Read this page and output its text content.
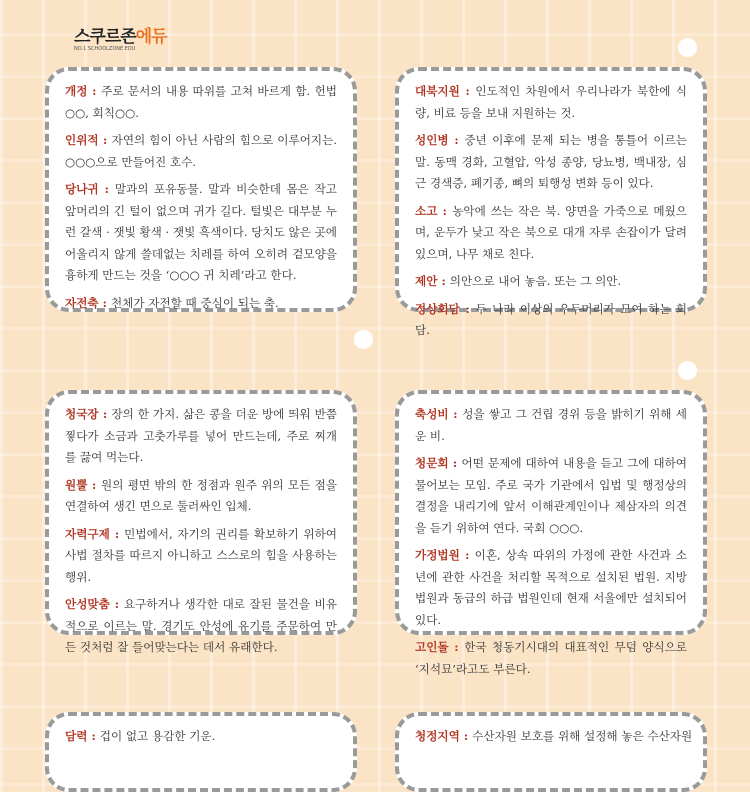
스쿠르존에듀
NO.1 SCHOOLZONE EDU

개정 : 주로 문서의 내용 따위를 고쳐 바르게 함. 헌법○○, 회칙○○.

인위적 : 자연의 힘이 아닌 사람의 힘으로 이루어지는. ○○○으로 만들어진 호수.

당나귀 : 말과의 포유동물. 말과 비슷한데 몸은 작고 앞머리의 긴 털이 없으며 귀가 길다. 털빛은 대부분 누런 갈색 · 잿빛 황색 · 잿빛 흑색이다. 당치도 않은 곳에 어울리지 않게 쓸데없는 치레를 하여 오히려 겉모양을 흉하게 만드는 것을 ‘○○○ 귀 치레’라고 한다.

자전축 : 천체가 자전할 때 중심이 되는 축.

대북지원 : 인도적인 차원에서 우리나라가 북한에 식량, 비료 등을 보내 지원하는 것.

성인병 : 중년 이후에 문제 되는 병을 통틀어 이르는 말. 동맥 경화, 고혈압, 악성 종양, 당뇨병, 백내장, 심근 경색증, 폐기종, 뼈의 퇴행성 변화 등이 있다.

소고 : 농악에 쓰는 작은 북. 양면을 가죽으로 메웠으며, 운두가 낮고 작은 북으로 대개 자루 손잡이가 달려 있으며, 나무 채로 친다.

제안 : 의안으로 내어 놓음. 또는 그 의안.

정상회담 : 두 나라 이상의 우두머리가 모여 하는 회담.

청국장 : 장의 한 가지. 삶은 콩을 더운 방에 띄워 반쯤 찧다가 소금과 고춧가루를 넣어 만드는데, 주로 찌개를 끓여 먹는다.

원뿔 : 원의 평면 밖의 한 정점과 원주 위의 모든 점을 연결하여 생긴 면으로 둘러싸인 입체.

자력구제 : 민법에서, 자기의 권리를 확보하기 위하여 사법 절차를 따르지 아니하고 스스로의 힘을 사용하는 행위.

안성맞춤 : 요구하거나 생각한 대로 잘된 물건을 비유적으로 이르는 말. 경기도 안성에 유기를 주문하여 만든 것처럼 잘 들어맞는다는 데서 유래한다.

축성비 : 성을 쌓고 그 건립 경위 등을 밝히기 위해 세운 비.

청문회 : 어떤 문제에 대하여 내용을 듣고 그에 대하여 물어보는 모임. 주로 국가 기관에서 입법 및 행정상의 결정을 내리기에 앞서 이해관계인이나 제삼자의 의견을 듣기 위하여 연다. 국회 ○○○.

가정법원 : 이혼, 상속 따위의 가정에 관한 사건과 소년에 관한 사건을 처리할 목적으로 설치된 법원. 지방 법원과 동급의 하급 법원인데 현재 서울에만 설치되어 있다.

고인돌 : 한국 청동기시대의 대표적인 무덤 양식으로 ‘지석묘’라고도 부른다.

담력 : 겁이 없고 용감한 기운.	청정지역 : 수산자원 보호를 위해 설정해 놓은 수산자원
